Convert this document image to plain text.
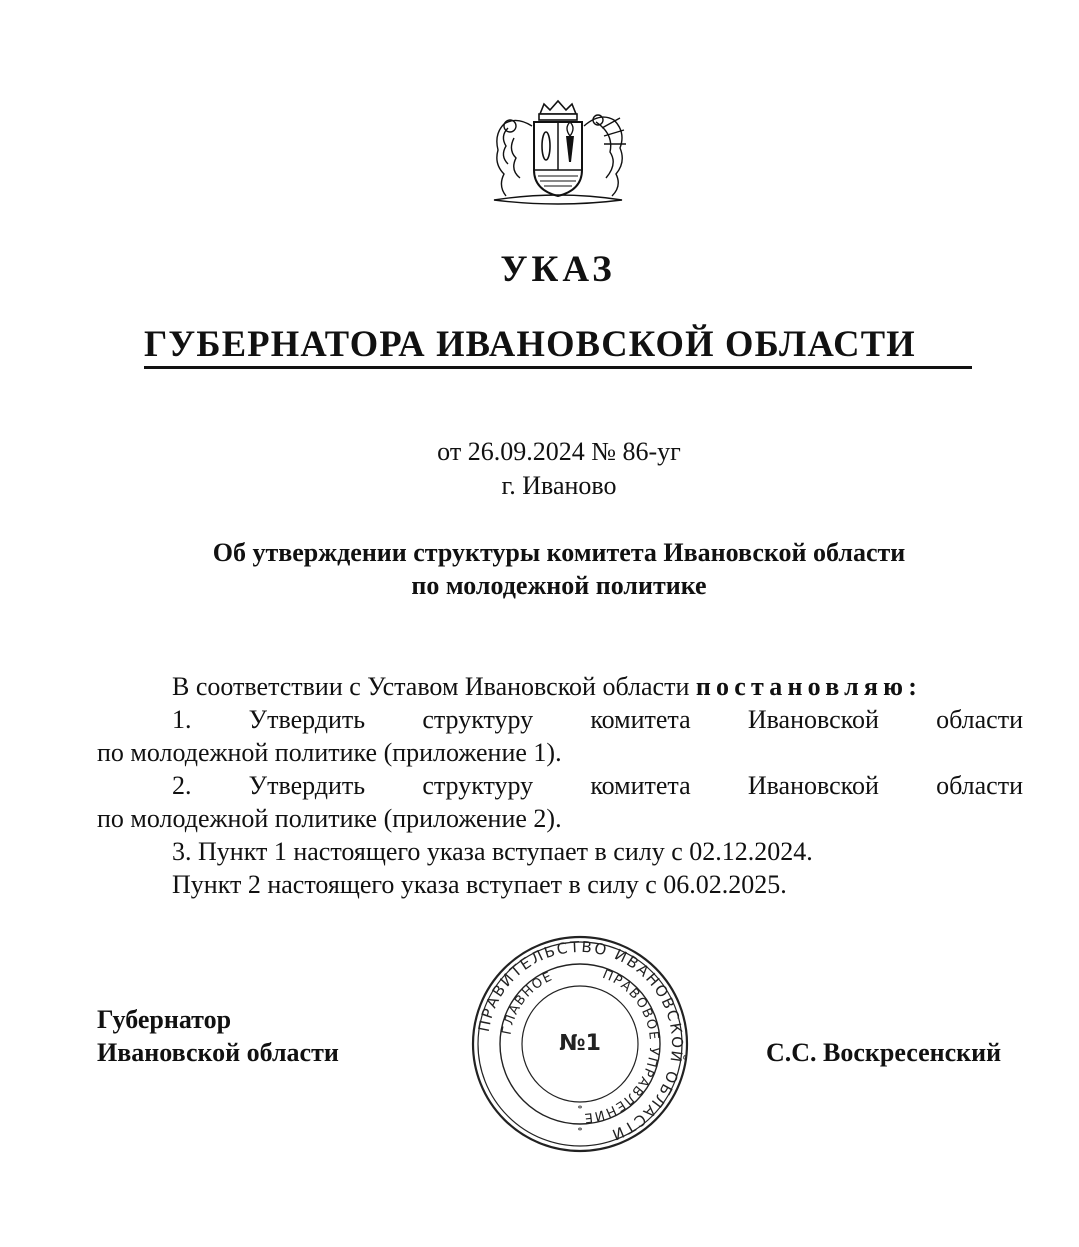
УКАЗ
ГУБЕРНАТОРА ИВАНОВСКОЙ ОБЛАСТИ
от 26.09.2024 № 86-уг
г. Иваново
Об утверждении структуры комитета Ивановской области
по молодежной политике

В соответствии с Уставом Ивановской области постановляю:

1. Утвердить структуру комитета Ивановской области

по молодежной политике (приложение 1).

2. Утвердить структуру комитета Ивановской области

по молодежной политике (приложение 2).

3. Пункт 1 настоящего указа вступает в силу с 02.12.2024.

Пункт 2 настоящего указа вступает в силу с 06.02.2025.

Губернатор
Ивановской области
ПРАВИТЕЛЬСТВО ИВАНОВСКОЙ ОБЛАСТИ
ПРАВОВОЕ УПРАВЛЕНИЕ
ГЛАВНОЕ
№1
*
*
С.С. Воскресенский
